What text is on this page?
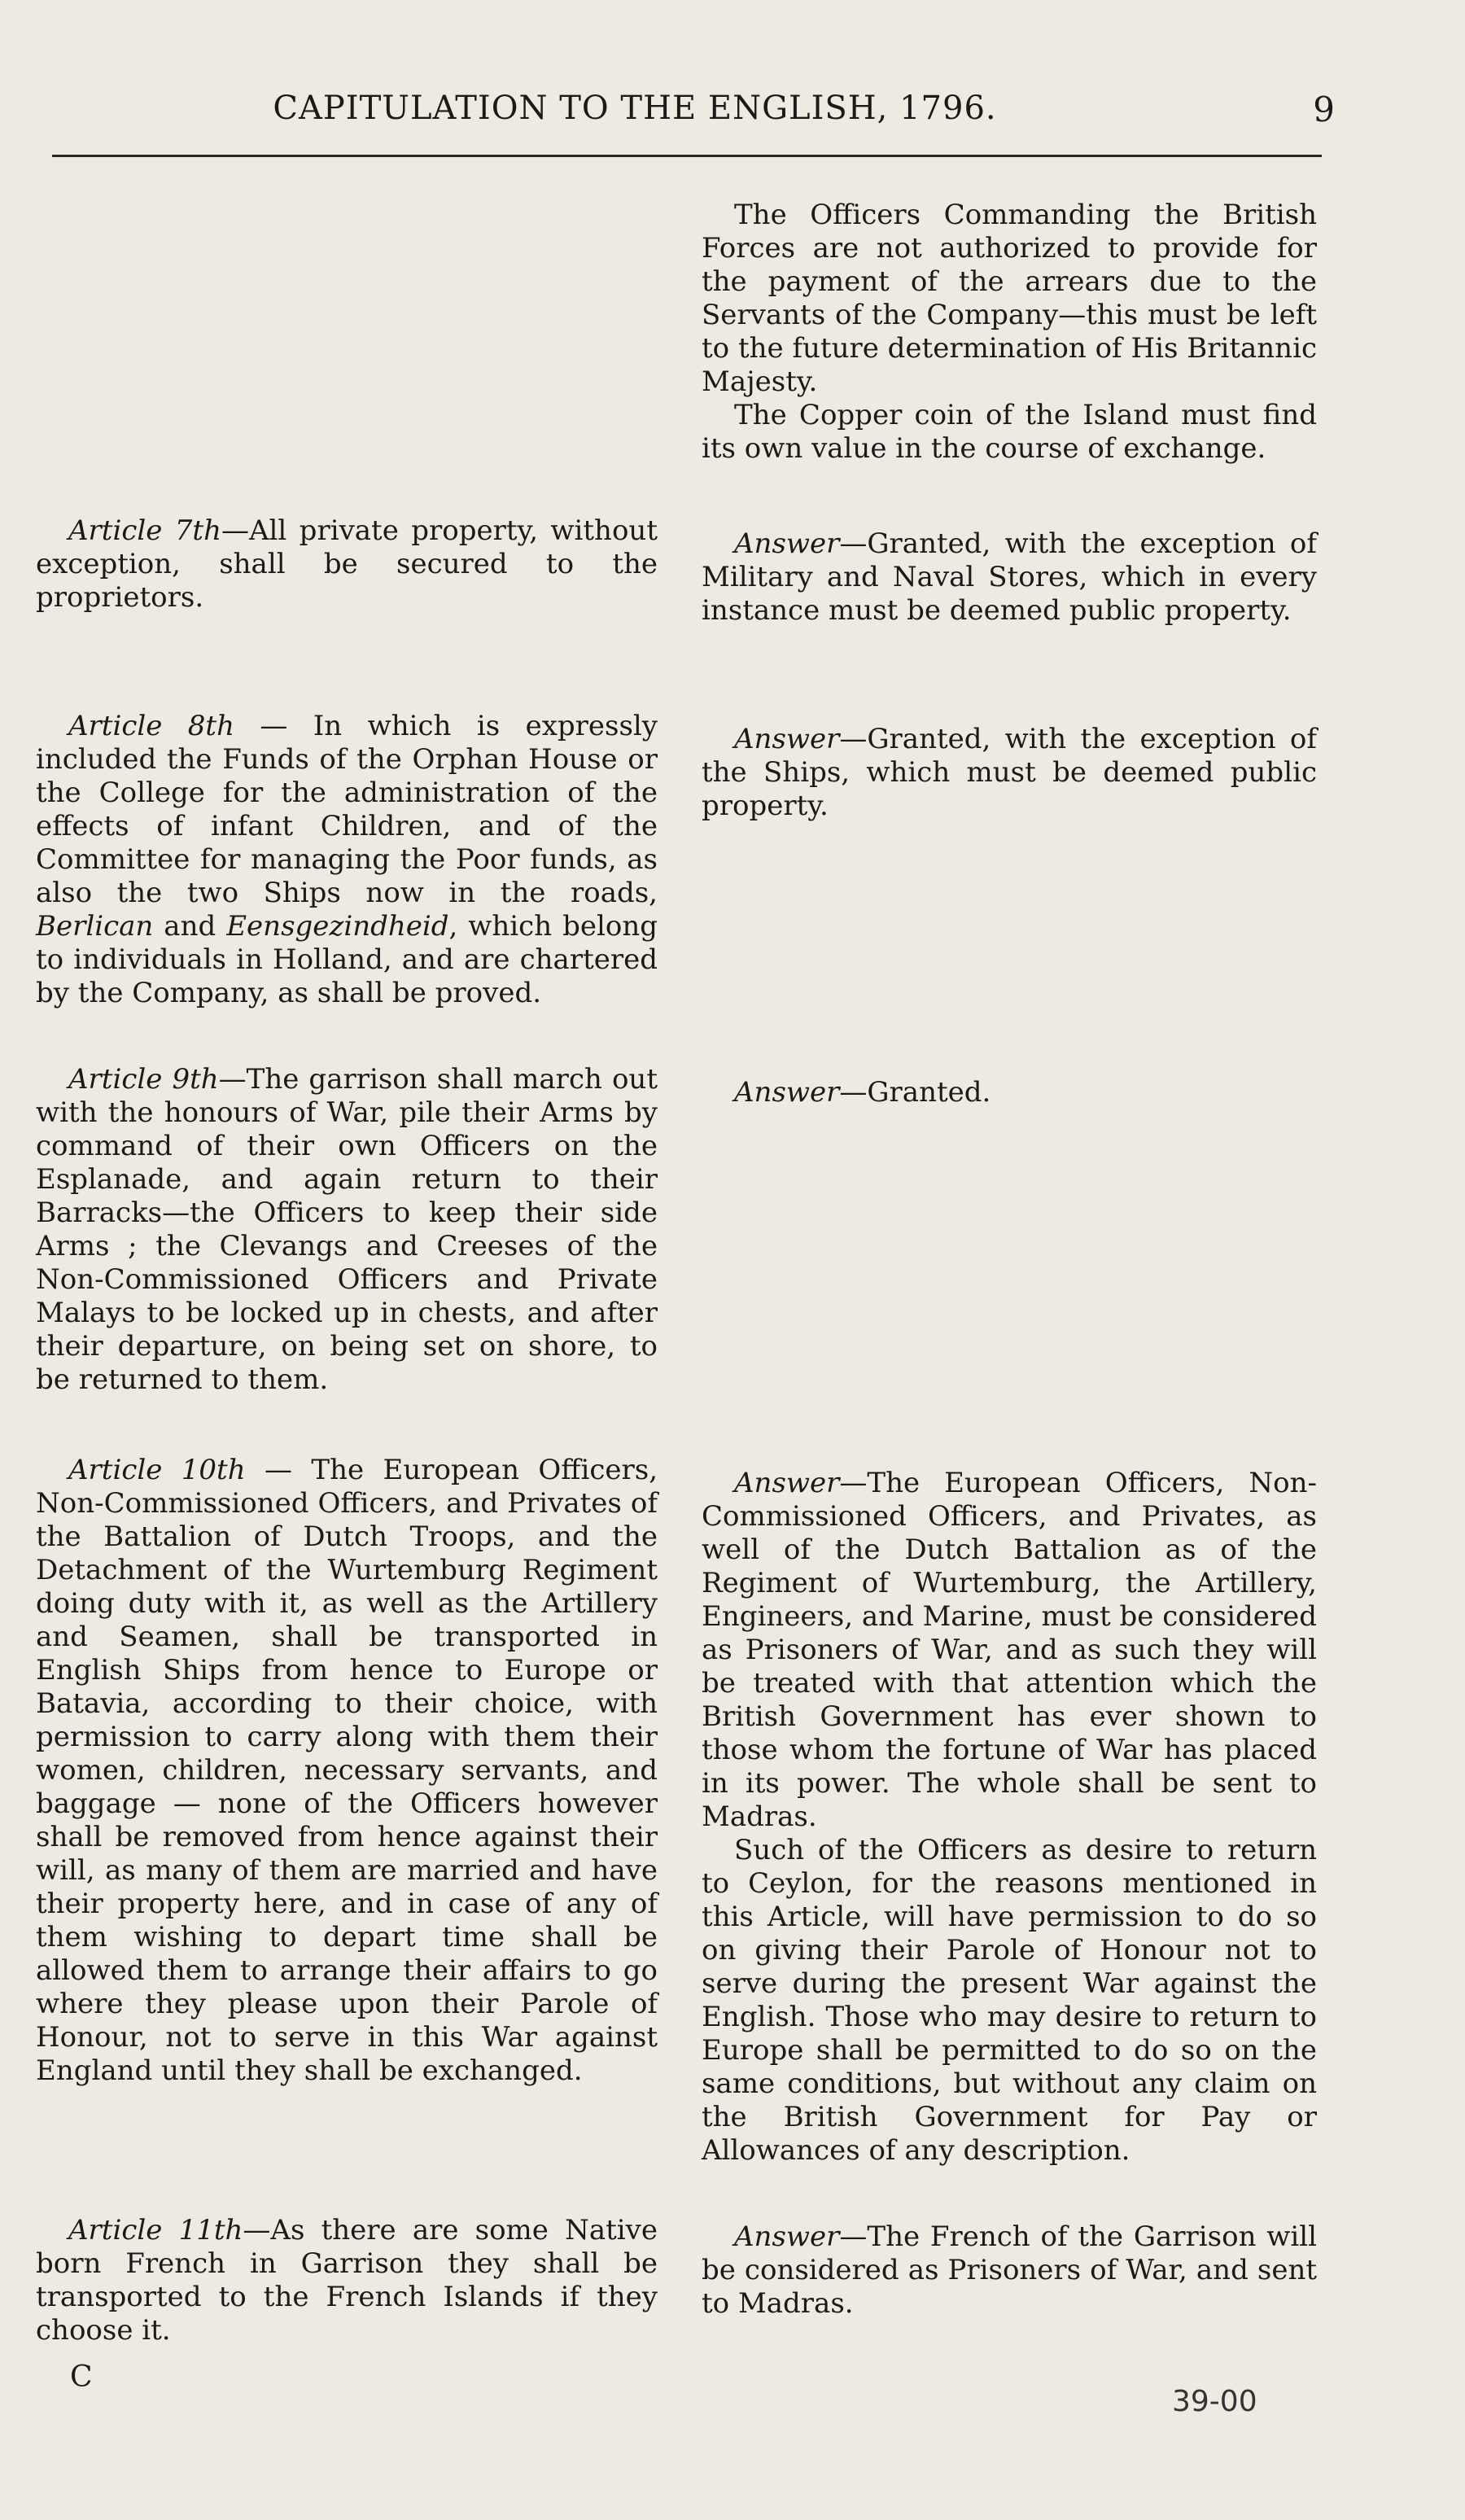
CAPITULATION TO THE ENGLISH, 1796.	9

The Officers Commanding the British Forces are not authorized to provide for the payment of the arrears due to the Servants of the Company—this must be left to the future determination of His Britannic Majesty.

The Copper coin of the Island must find its own value in the course of exchange.

Article 7th—All private property, without exception, shall be secured to the proprietors.

Answer—Granted, with the exception of Military and Naval Stores, which in every instance must be deemed public property.

Article 8th — In which is expressly included the Funds of the Orphan House or the College for the administration of the effects of infant Children, and of the Committee for managing the Poor funds, as also the two Ships now in the roads, Berlican and Eensgezindheid, which belong to individuals in Holland, and are chartered by the Company, as shall be proved.

Answer—Granted, with the exception of the Ships, which must be deemed public property.

Article 9th—The garrison shall march out with the honours of War, pile their Arms by command of their own Officers on the Esplanade, and again return to their Barracks—the Officers to keep their side Arms ; the Clevangs and Creeses of the Non-Commissioned Officers and Private Malays to be locked up in chests, and after their departure, on being set on shore, to be returned to them.

Answer—Granted.

Article 10th — The European Officers, Non-Commissioned Officers, and Privates of the Battalion of Dutch Troops, and the Detachment of the Wurtemburg Regiment doing duty with it, as well as the Artillery and Seamen, shall be transported in English Ships from hence to Europe or Batavia, according to their choice, with permission to carry along with them their women, children, necessary servants, and baggage — none of the Officers however shall be removed from hence against their will, as many of them are married and have their property here, and in case of any of them wishing to depart time shall be allowed them to arrange their affairs to go where they please upon their Parole of Honour, not to serve in this War against England until they shall be exchanged.

Answer—The European Officers, Non-Commissioned Officers, and Privates, as well of the Dutch Battalion as of the Regiment of Wurtemburg, the Artillery, Engineers, and Marine, must be considered as Prisoners of War, and as such they will be treated with that attention which the British Government has ever shown to those whom the fortune of War has placed in its power. The whole shall be sent to Madras.

Such of the Officers as desire to return to Ceylon, for the reasons mentioned in this Article, will have permission to do so on giving their Parole of Honour not to serve during the present War against the English. Those who may desire to return to Europe shall be permitted to do so on the same conditions, but without any claim on the British Government for Pay or Allowances of any description.

Article 11th—As there are some Native born French in Garrison they shall be transported to the French Islands if they choose it.

Answer—The French of the Garrison will be considered as Prisoners of War, and sent to Madras.

C
39-00
